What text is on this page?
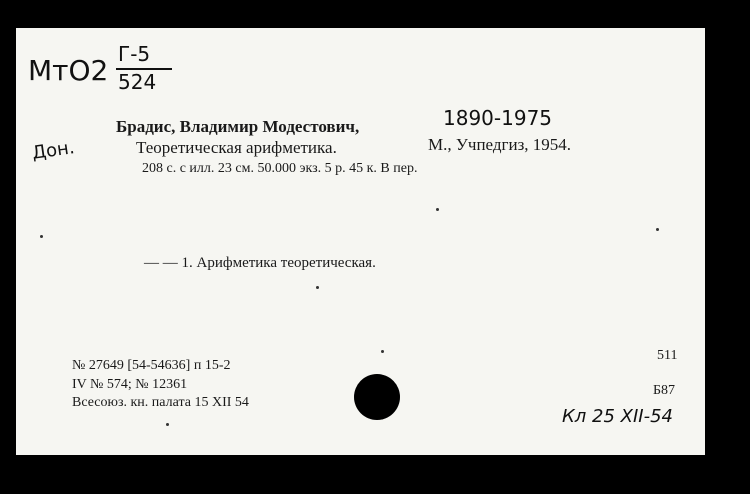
МтО2 Г-5
524
Дон.
Брадис, Владимир Модестович,	1890-1975
Теоретическая арифметика.	М., Учпедгиз, 1954.
208 с. с илл. 23 см. 50.000 экз. 5 р. 45 к. В пер.
— — 1. Арифметика теоретическая.
№ 27649 [54-54636] п 15-2
IV № 574; № 12361
Всесоюз. кн. палата 15 XII 54
511
Б87
Кл 25 ХII-54
